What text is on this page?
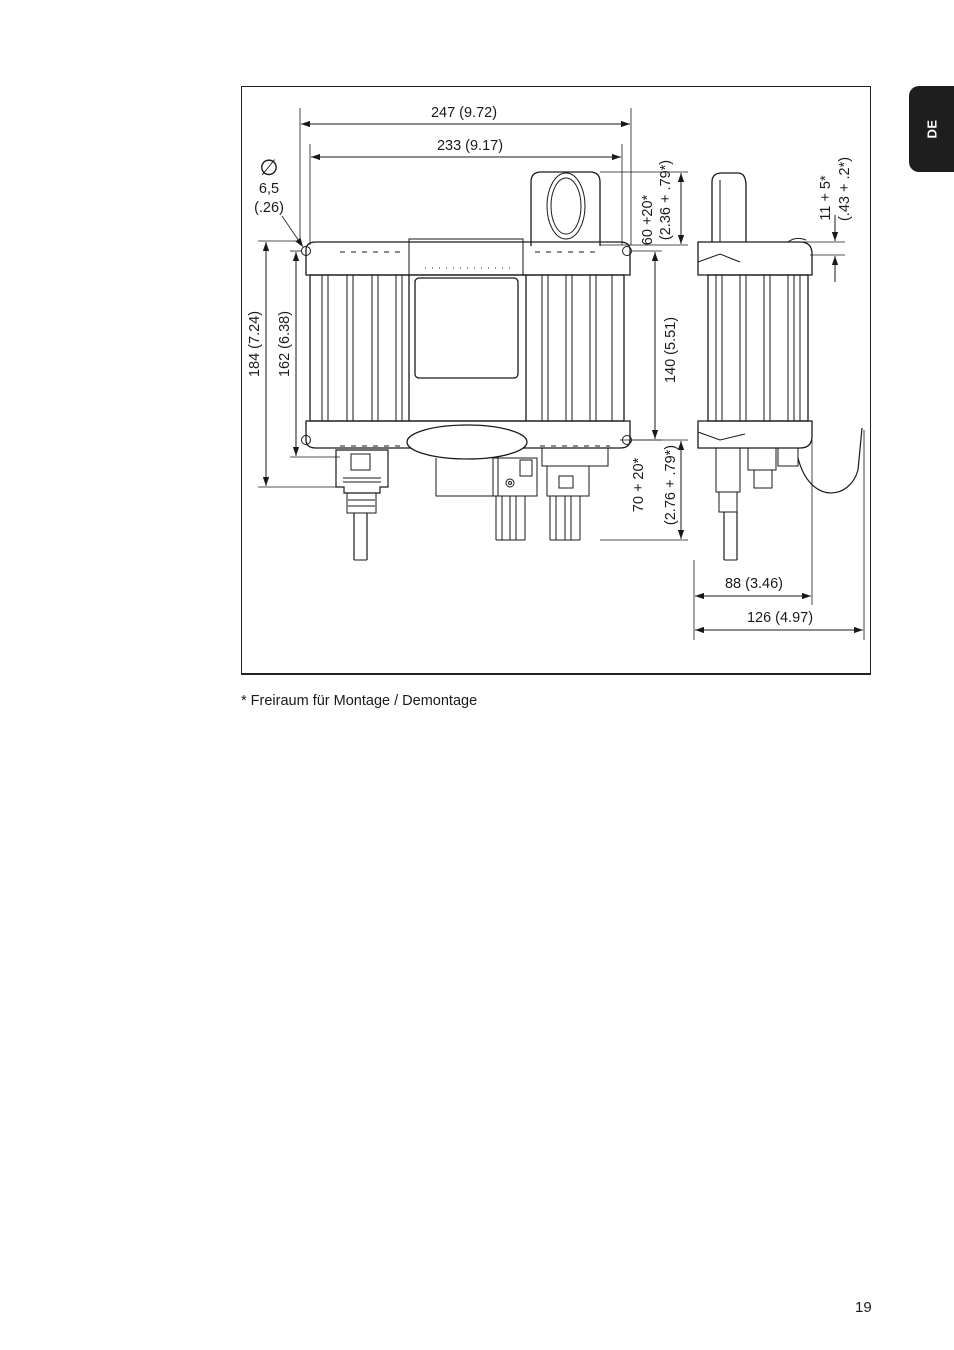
DE
247 (9.72)
233 (9.17)
∅
6,5
(.26)
184 (7.24) 162 (6.38)
60 +20* (2.36 + .79*)
140 (5.51)
70 + 20* (2.76 + .79*)
11 + 5* (.43 + .2*)
88 (3.46)
126 (4.97)
* Freiraum für Montage / Demontage
19
